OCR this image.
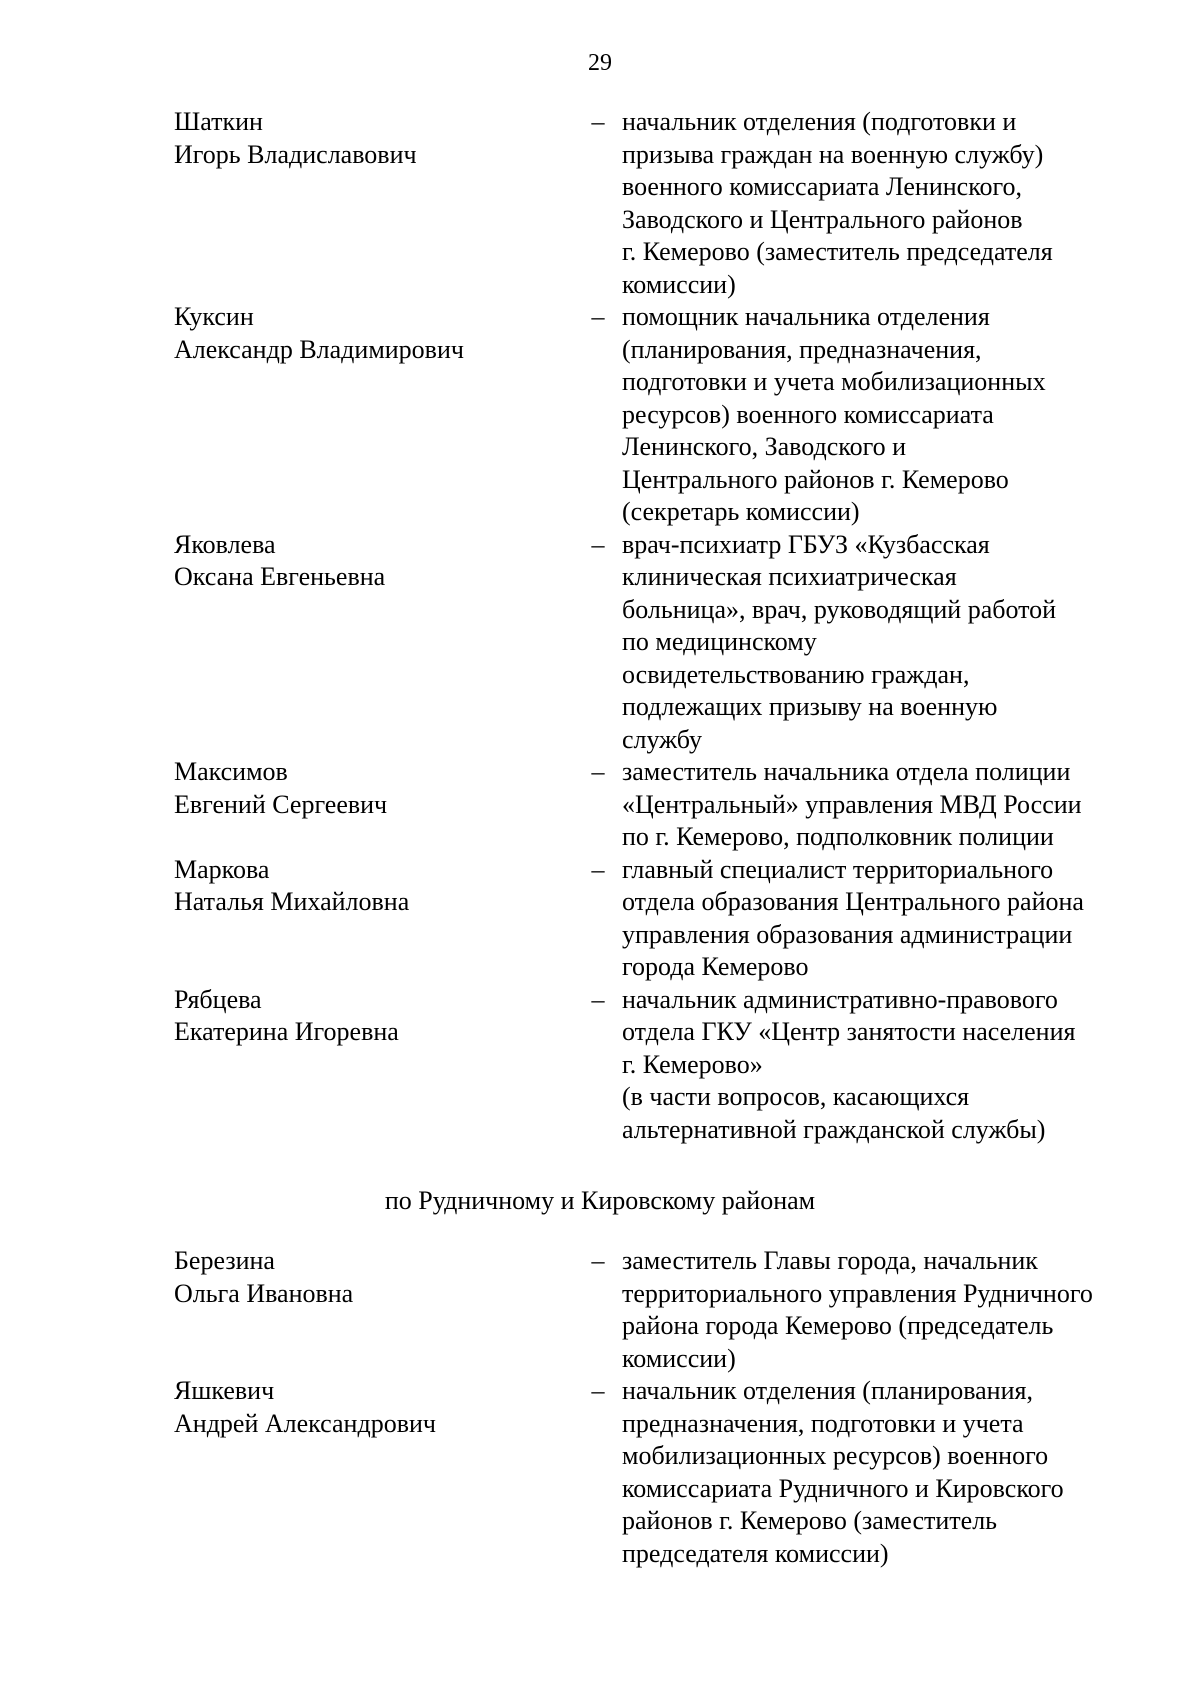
29
Шаткин
Игорь Владиславович
– начальник отделения (подготовки и
призыва граждан на военную службу)
военного комиссариата Ленинского,
Заводского и Центрального районов
г. Кемерово (заместитель председателя
комиссии)
Куксин
Александр Владимирович
– помощник начальника отделения
(планирования, предназначения,
подготовки и учета мобилизационных
ресурсов) военного комиссариата
Ленинского, Заводского и
Центрального районов г. Кемерово
(секретарь комиссии)
Яковлева
Оксана Евгеньевна
– врач-психиатр ГБУЗ «Кузбасская
клиническая психиатрическая
больница», врач, руководящий работой
по медицинскому
освидетельствованию граждан,
подлежащих призыву на военную
службу
Максимов
Евгений Сергеевич
– заместитель начальника отдела полиции
«Центральный» управления МВД России
по г. Кемерово, подполковник полиции
Маркова
Наталья Михайловна
– главный специалист территориального
отдела образования Центрального района
управления образования администрации
города Кемерово
Рябцева
Екатерина Игоревна
– начальник административно-правового
отдела ГКУ «Центр занятости населения
г. Кемерово»
(в части вопросов, касающихся
альтернативной гражданской службы)
по Рудничному и Кировскому районам
Березина
Ольга Ивановна
– заместитель Главы города, начальник
территориального управления Рудничного
района города Кемерово (председатель
комиссии)
Яшкевич
Андрей Александрович
– начальник отделения (планирования,
предназначения, подготовки и учета
мобилизационных ресурсов) военного
комиссариата Рудничного и Кировского
районов г. Кемерово (заместитель
председателя комиссии)
